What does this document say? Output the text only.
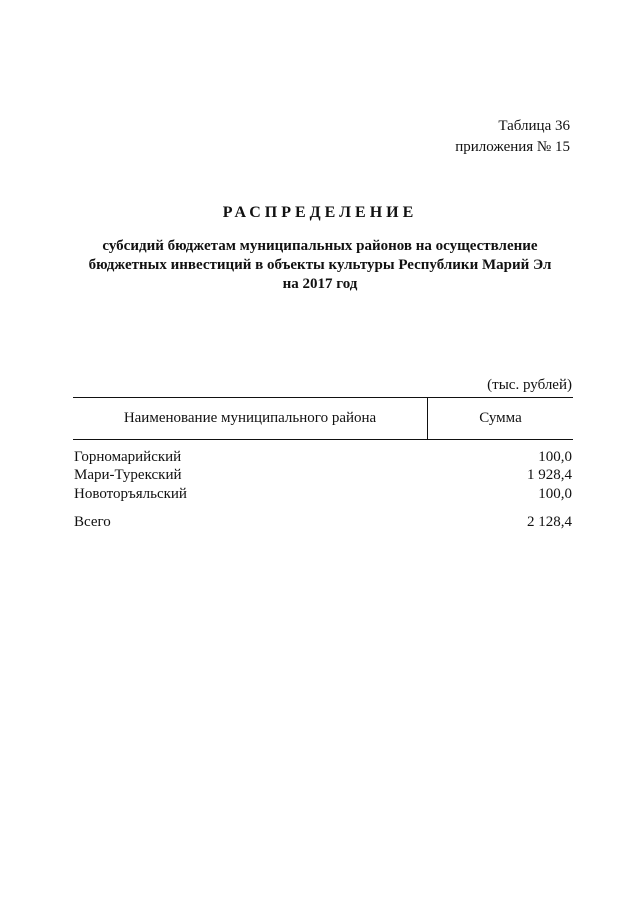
Таблица 36
приложения № 15
РАСПРЕДЕЛЕНИЕ
субсидий бюджетам муниципальных районов на осуществление
бюджетных инвестиций в объекты культуры Республики Марий Эл
на 2017 год
(тыс. рублей)
Наименование муниципального района	Сумма
Горномарийский	100,0
Мари-Турекский	1 928,4
Новоторъяльский	100,0
Всего	2 128,4
